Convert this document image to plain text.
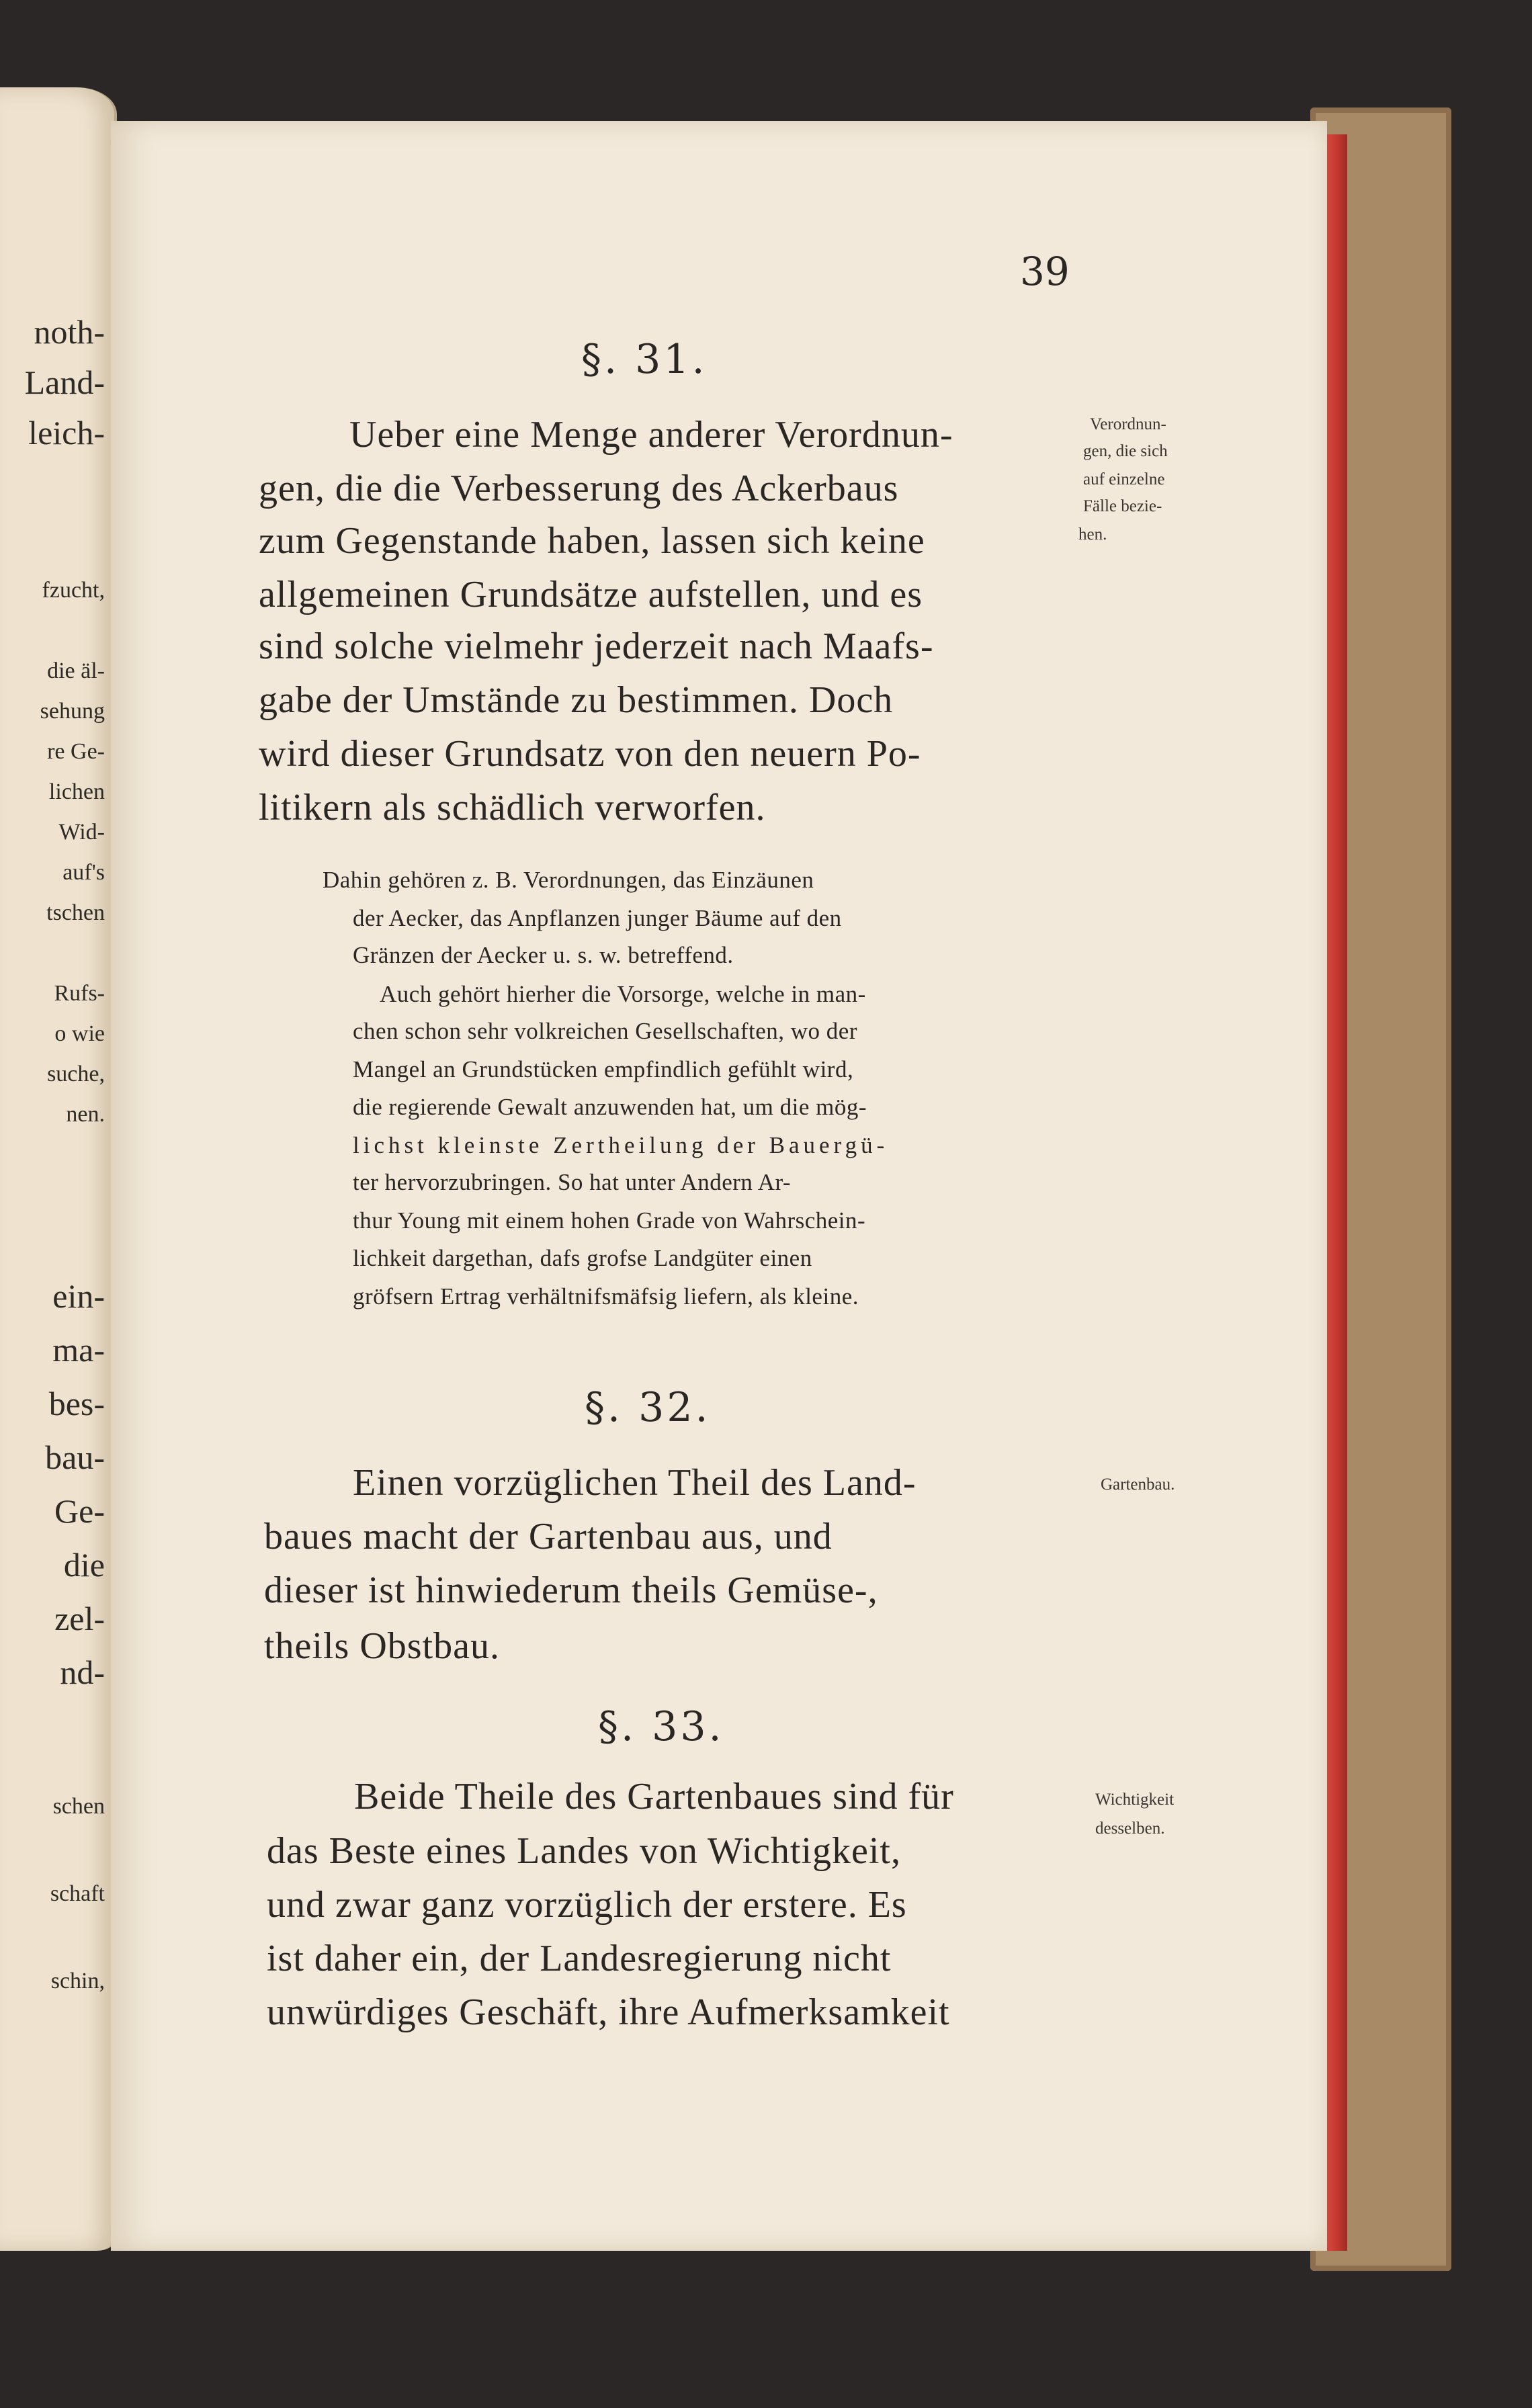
noth-
Land-
leich-
fzucht,
die äl-
sehung
re Ge-
lichen
Wid-
auf's
tschen
Rufs-
o wie
suche,
nen.
ein-
ma-
bes-
bau-
Ge-
die
zel-
nd-
schen
schaft
schin,
39
§. 31.
Verordnun-
gen, die sich
auf einzelne
Fälle bezie-
hen.
Ueber eine Menge anderer Verordnun-
gen, die die Verbesserung des Ackerbaus
zum Gegenstande haben, lassen sich keine
allgemeinen Grundsätze aufstellen, und es
sind solche vielmehr jederzeit nach Maafs-
gabe der Umstände zu bestimmen. Doch
wird dieser Grundsatz von den neuern Po-
litikern als schädlich verworfen.
Dahin gehören z. B. Verordnungen, das Einzäunen
der Aecker, das Anpflanzen junger Bäume auf den
Gränzen der Aecker u. s. w. betreffend.
Auch gehört hierher die Vorsorge, welche in man-
chen schon sehr volkreichen Gesellschaften, wo der
Mangel an Grundstücken empfindlich gefühlt wird,
die regierende Gewalt anzuwenden hat, um die mög-
lichst kleinste Zertheilung der Bauergü-
ter hervorzubringen. So hat unter Andern Ar-
thur Young mit einem hohen Grade von Wahrschein-
lichkeit dargethan, dafs grofse Landgüter einen
gröfsern Ertrag verhältnifsmäfsig liefern, als kleine.
§. 32.
Gartenbau.
Einen vorzüglichen Theil des Land-
baues macht der Gartenbau aus, und
dieser ist hinwiederum theils Gemüse-,
theils Obstbau.
§. 33.
Wichtigkeit
desselben.
Beide Theile des Gartenbaues sind für
das Beste eines Landes von Wichtigkeit,
und zwar ganz vorzüglich der erstere. Es
ist daher ein, der Landesregierung nicht
unwürdiges Geschäft, ihre Aufmerksamkeit
